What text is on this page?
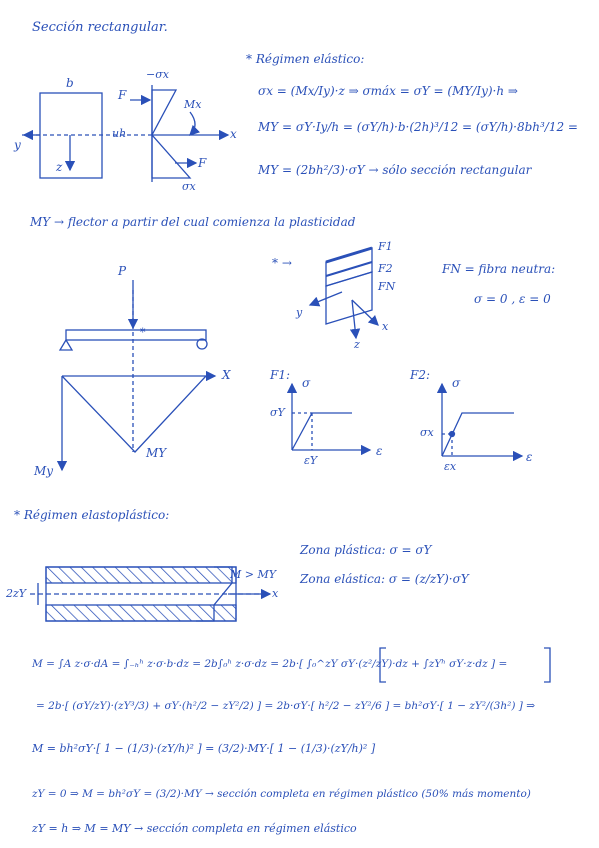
Sección rectangular.
* Régimen elástico:
σx = (Mx/Iy)·z ⇒ σmáx = σY = (MY/Iy)·h ⇒
MY = σY·Iy/h = (σY/h)·b·(2h)³/12 = (σY/h)·8bh³/12 =
MY = (2bh²/3)·σY → sólo sección rectangular
MY → flector a partir del cual comienza la plasticidad
b
y
z
x
uh
F
F
−σx
σx
Mx
P
*
X
My
MY
* →
F1
F2
FN
y
z
x
FN = fibra neutra:
σ = 0 , ε = 0
F1:
σ
ε
σY
εY
F2:
σ
ε
σx
εx
* Régimen elastoplástico:
Zona plástica: σ = σY
Zona elástica: σ = (z/zY)·σY
2zY
M > MY
x
M = ∫A z·σ·dA = ∫₋ₕʰ z·σ·b·dz = 2b∫₀ʰ z·σ·dz = 2b·[ ∫₀^zY σY·(z²/zY)·dz + ∫zYʰ σY·z·dz ] =
= 2b·[ (σY/zY)·(zY³/3) + σY·(h²/2 − zY²/2) ] = 2b·σY·[ h²/2 − zY²/6 ] = bh²σY·[ 1 − zY²/(3h²) ] ⇒
M = bh²σY·[ 1 − (1/3)·(zY/h)² ] = (3/2)·MY·[ 1 − (1/3)·(zY/h)² ]
zY = 0 ⇒ M = bh²σY = (3/2)·MY → sección completa en régimen plástico (50% más momento)
zY = h ⇒ M = MY → sección completa en régimen elástico
